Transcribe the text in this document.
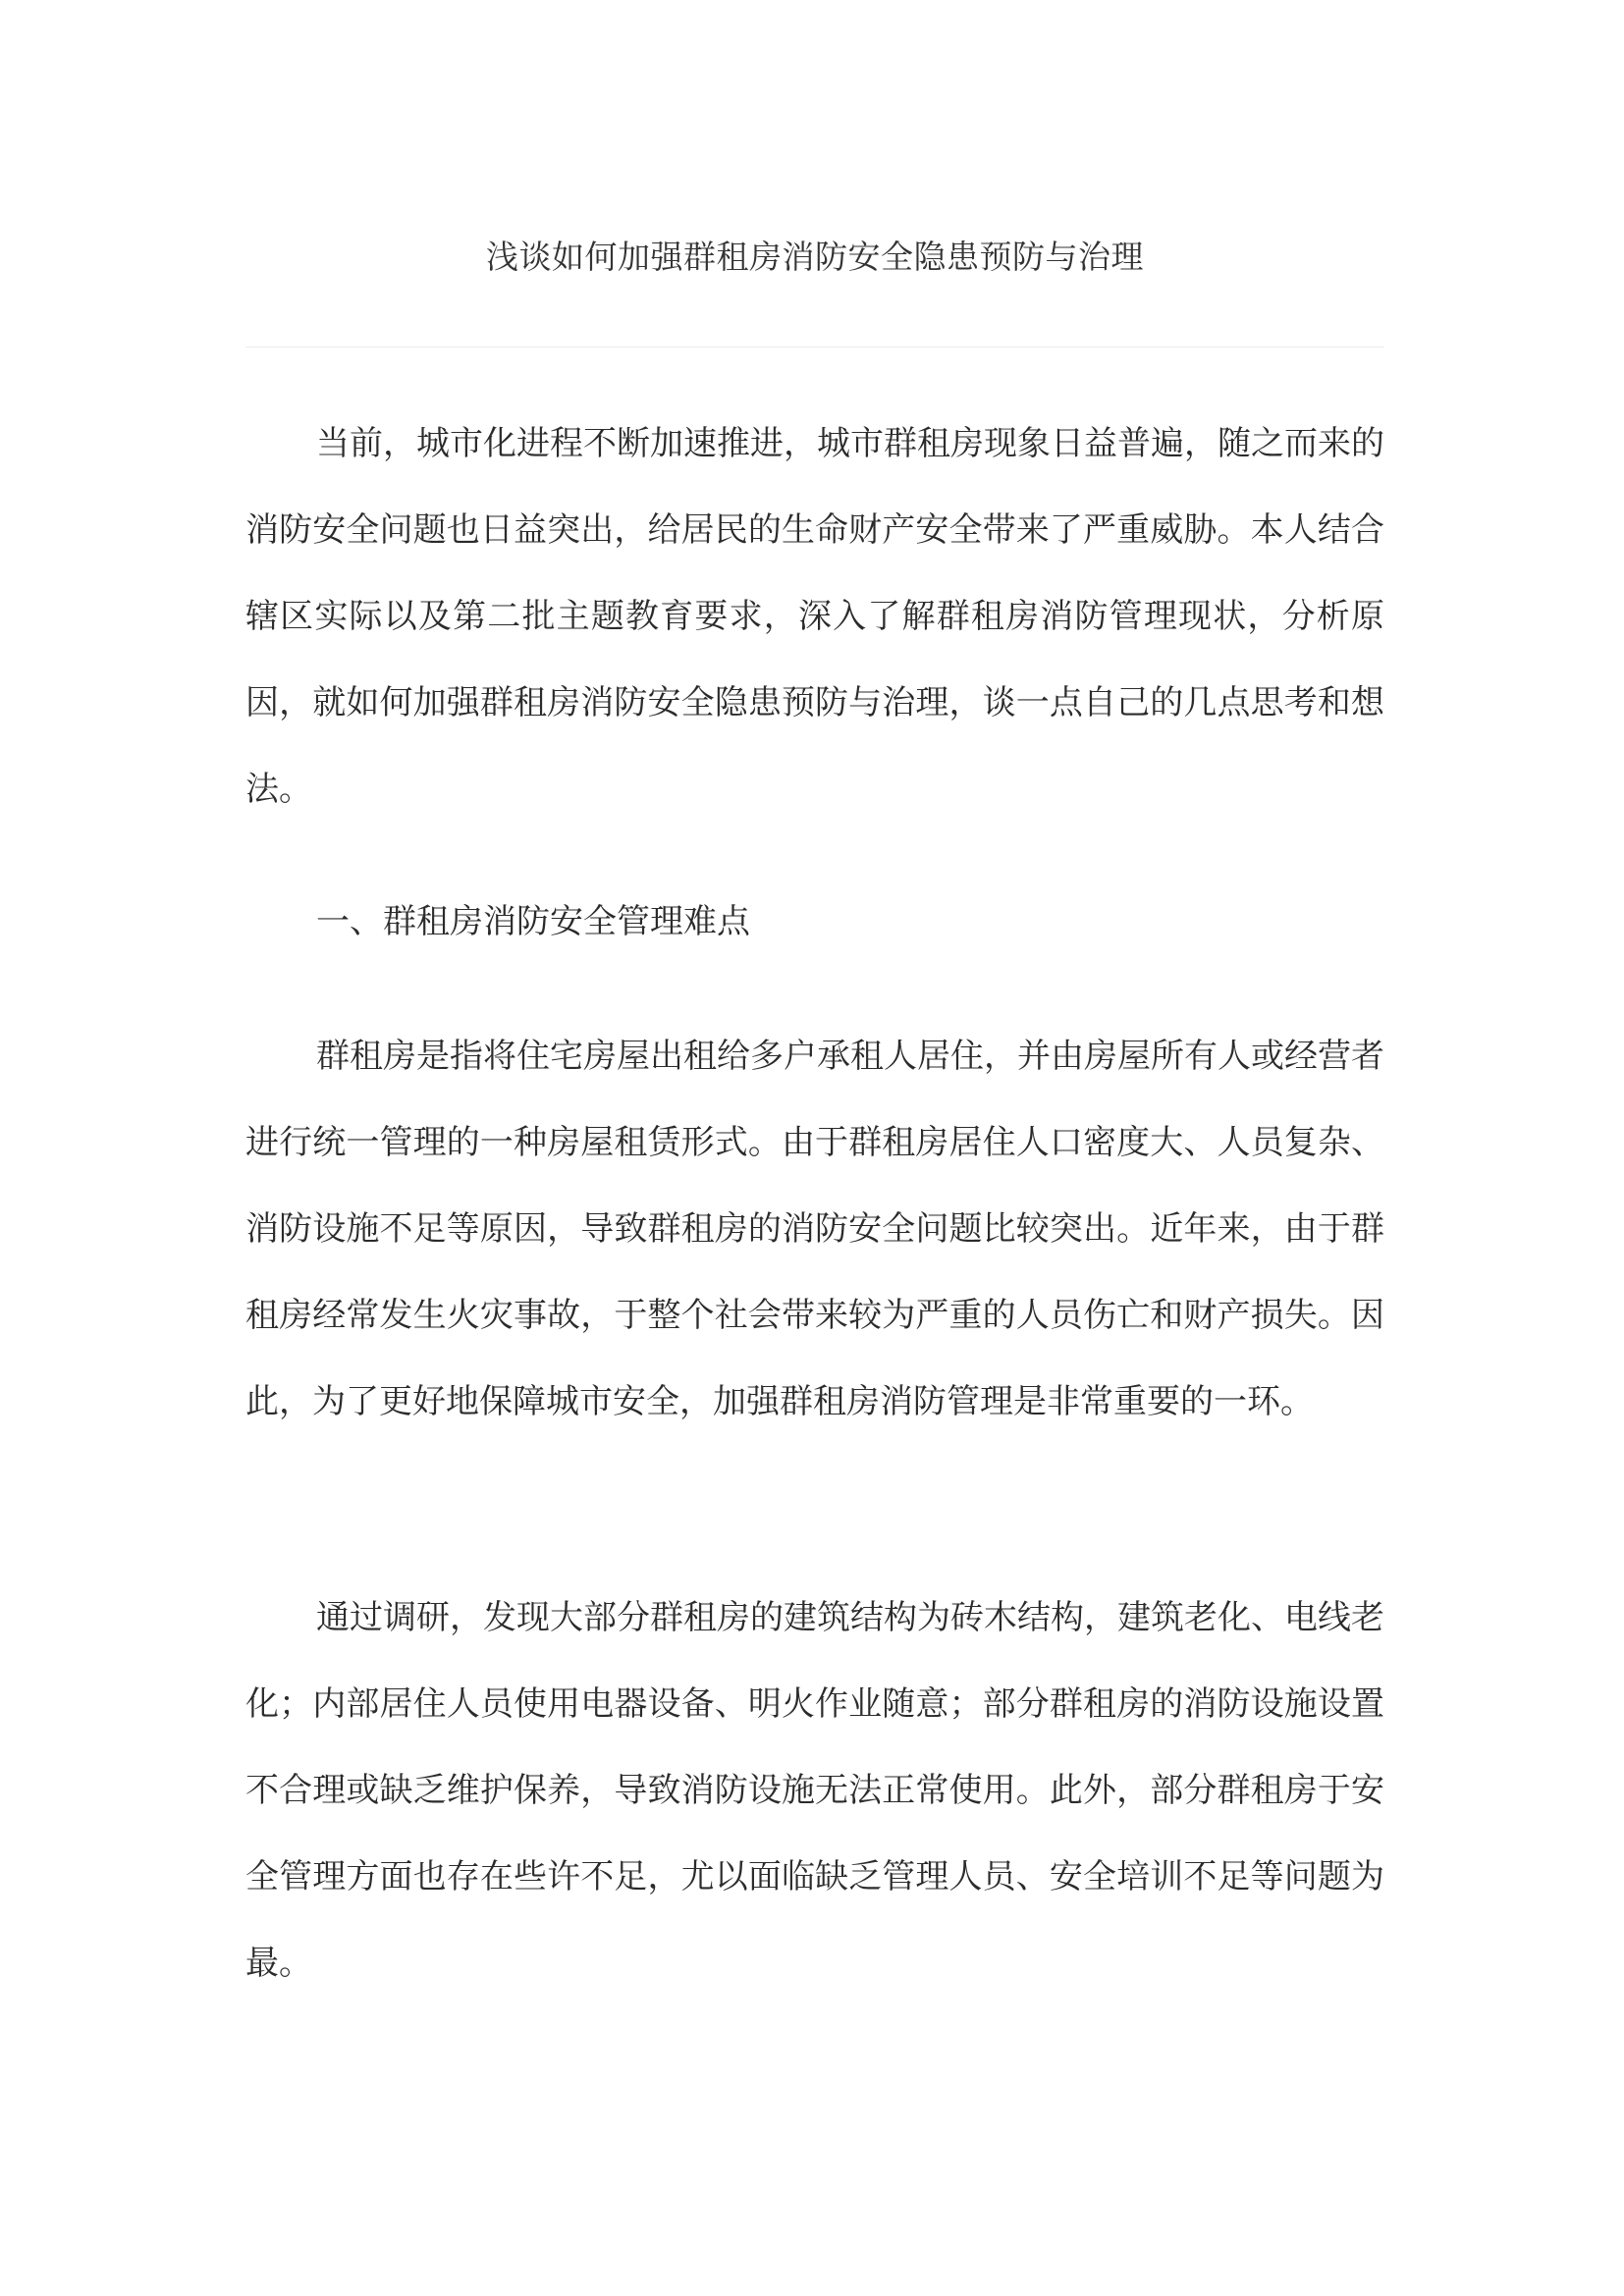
浅谈如何加强群租房消防安全隐患预防与治理

当前，城市化进程不断加速推进，城市群租房现象日益普遍，随之而来的消防安全问题也日益突出，给居民的生命财产安全带来了严重威胁。本人结合辖区实际以及第二批主题教育要求，深入了解群租房消防管理现状，分析原因，就如何加强群租房消防安全隐患预防与治理，谈一点自己的几点思考和想法。

一、群租房消防安全管理难点

群租房是指将住宅房屋出租给多户承租人居住，并由房屋所有人或经营者进行统一管理的一种房屋租赁形式。由于群租房居住人口密度大、人员复杂、消防设施不足等原因，导致群租房的消防安全问题比较突出。近年来，由于群租房经常发生火灾事故，于整个社会带来较为严重的人员伤亡和财产损失。因此，为了更好地保障城市安全，加强群租房消防管理是非常重要的一环。

通过调研，发现大部分群租房的建筑结构为砖木结构，建筑老化、电线老化；内部居住人员使用电器设备、明火作业随意；部分群租房的消防设施设置不合理或缺乏维护保养，导致消防设施无法正常使用。此外，部分群租房于安全管理方面也存在些许不足，尤以面临缺乏管理人员、安全培训不足等问题为最。
